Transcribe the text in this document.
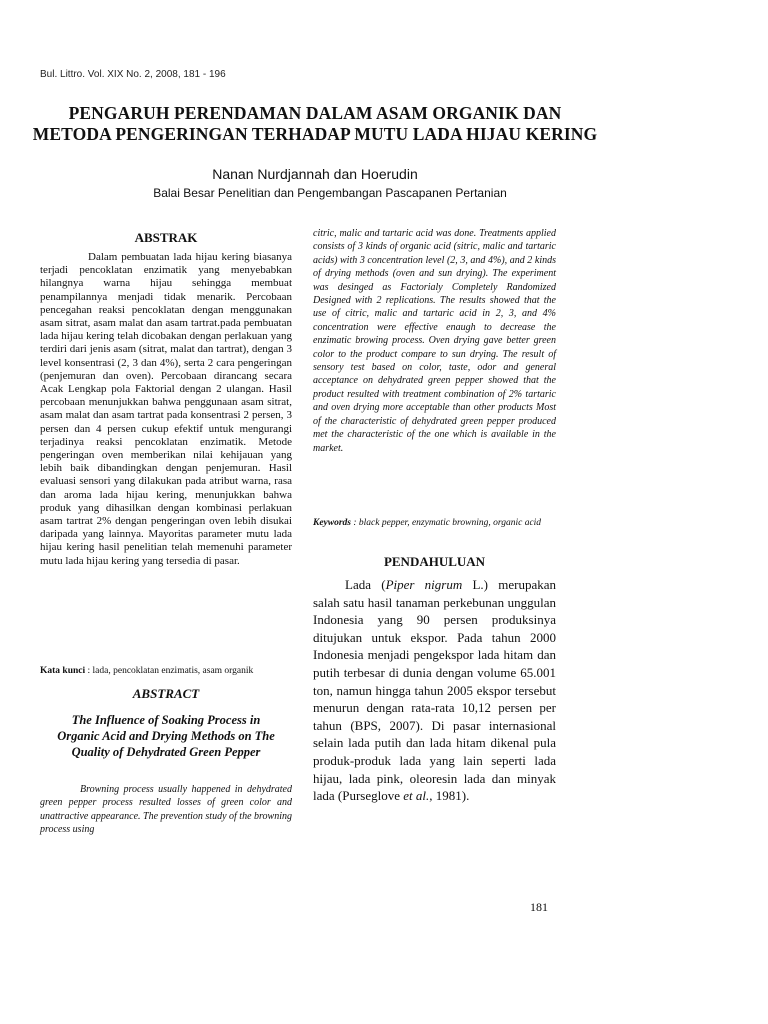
Bul. Littro. Vol. XIX No. 2, 2008, 181 - 196
PENGARUH PERENDAMAN DALAM ASAM ORGANIK DAN METODA PENGERINGAN TERHADAP MUTU LADA HIJAU KERING
Nanan Nurdjannah dan Hoerudin
Balai Besar Penelitian dan Pengembangan Pascapanen Pertanian
ABSTRAK

Dalam pembuatan lada hijau kering biasanya terjadi pencoklatan enzimatik yang menyebabkan hilangnya warna hijau sehingga membuat penampilannya menjadi tidak menarik. Percobaan pencegahan reaksi pencoklatan dengan menggunakan asam sitrat, asam malat dan asam tartrat.pada pembuatan lada hijau kering telah dicobakan dengan perlakuan yang terdiri dari jenis asam (sitrat, malat dan tartrat), dengan 3 level konsentrasi (2, 3 dan 4%), serta 2 cara pengeringan (penjemuran dan oven). Percobaan dirancang secara Acak Lengkap pola Faktorial dengan 2 ulangan. Hasil percobaan menunjukkan bahwa penggunaan asam sitrat, asam malat dan asam tartrat pada konsentrasi 2 persen, 3 persen dan 4 persen cukup efektif untuk mengurangi terjadinya reaksi pencoklatan enzimatik. Metode pengeringan oven memberikan nilai kehijauan yang lebih baik dibandingkan dengan penjemuran. Hasil evaluasi sensori yang dilakukan pada atribut warna, rasa dan aroma lada hijau kering, menunjukkan bahwa produk yang dihasilkan dengan kombinasi perlakuan asam tartrat 2% dengan pengeringan oven lebih disukai daripada yang lainnya. Mayoritas parameter mutu lada hijau kering hasil penelitian telah memenuhi parameter mutu lada hijau kering yang tersedia di pasar.

Kata kunci : lada, pencoklatan enzimatis, asam organik
ABSTRACT
The Influence of Soaking Process in Organic Acid and Drying Methods on The Quality of Dehydrated Green Pepper

Browning process usually happened in dehydrated green pepper process resulted losses of green color and unattractive appearance. The prevention study of the browning process using

citric, malic and tartaric acid was done. Treatments applied consists of 3 kinds of organic acid (sitric, malic and tartaric acids) with 3 concentration level (2, 3, and 4%), and 2 kinds of drying methods (oven and sun drying). The experiment was desinged as Factorialy Completely Randomized Designed with 2 replications. The results showed that the use of citric, malic and tartaric acid in 2, 3, and 4% concentration were effective enaugh to decrease the enzimatic browing process. Oven drying gave better green color to the product compare to sun drying. The result of sensory test based on color, taste, odor and general acceptance on dehydrated green pepper showed that the product resulted with treatment combination of 2% tartaric and oven drying more acceptable than other products Most of the characteristic of dehydrated green pepper produced met the characteristic of the one which is available in the market.
Keywords : black pepper, enzymatic browning, organic acid
PENDAHULUAN

Lada (Piper nigrum L.) merupakan salah satu hasil tanaman perkebunan unggulan Indonesia yang 90 persen produksinya ditujukan untuk ekspor. Pada tahun 2000 Indonesia menjadi pengekspor lada hitam dan putih terbesar di dunia dengan volume 65.001 ton, namun hingga tahun 2005 ekspor tersebut menurun dengan rata-rata 10,12 persen per tahun (BPS, 2007). Di pasar internasional selain lada putih dan lada hitam dikenal pula produk-produk lada yang lain seperti lada hijau, lada pink, oleoresin lada dan minyak lada (Purseglove et al., 1981).

181
